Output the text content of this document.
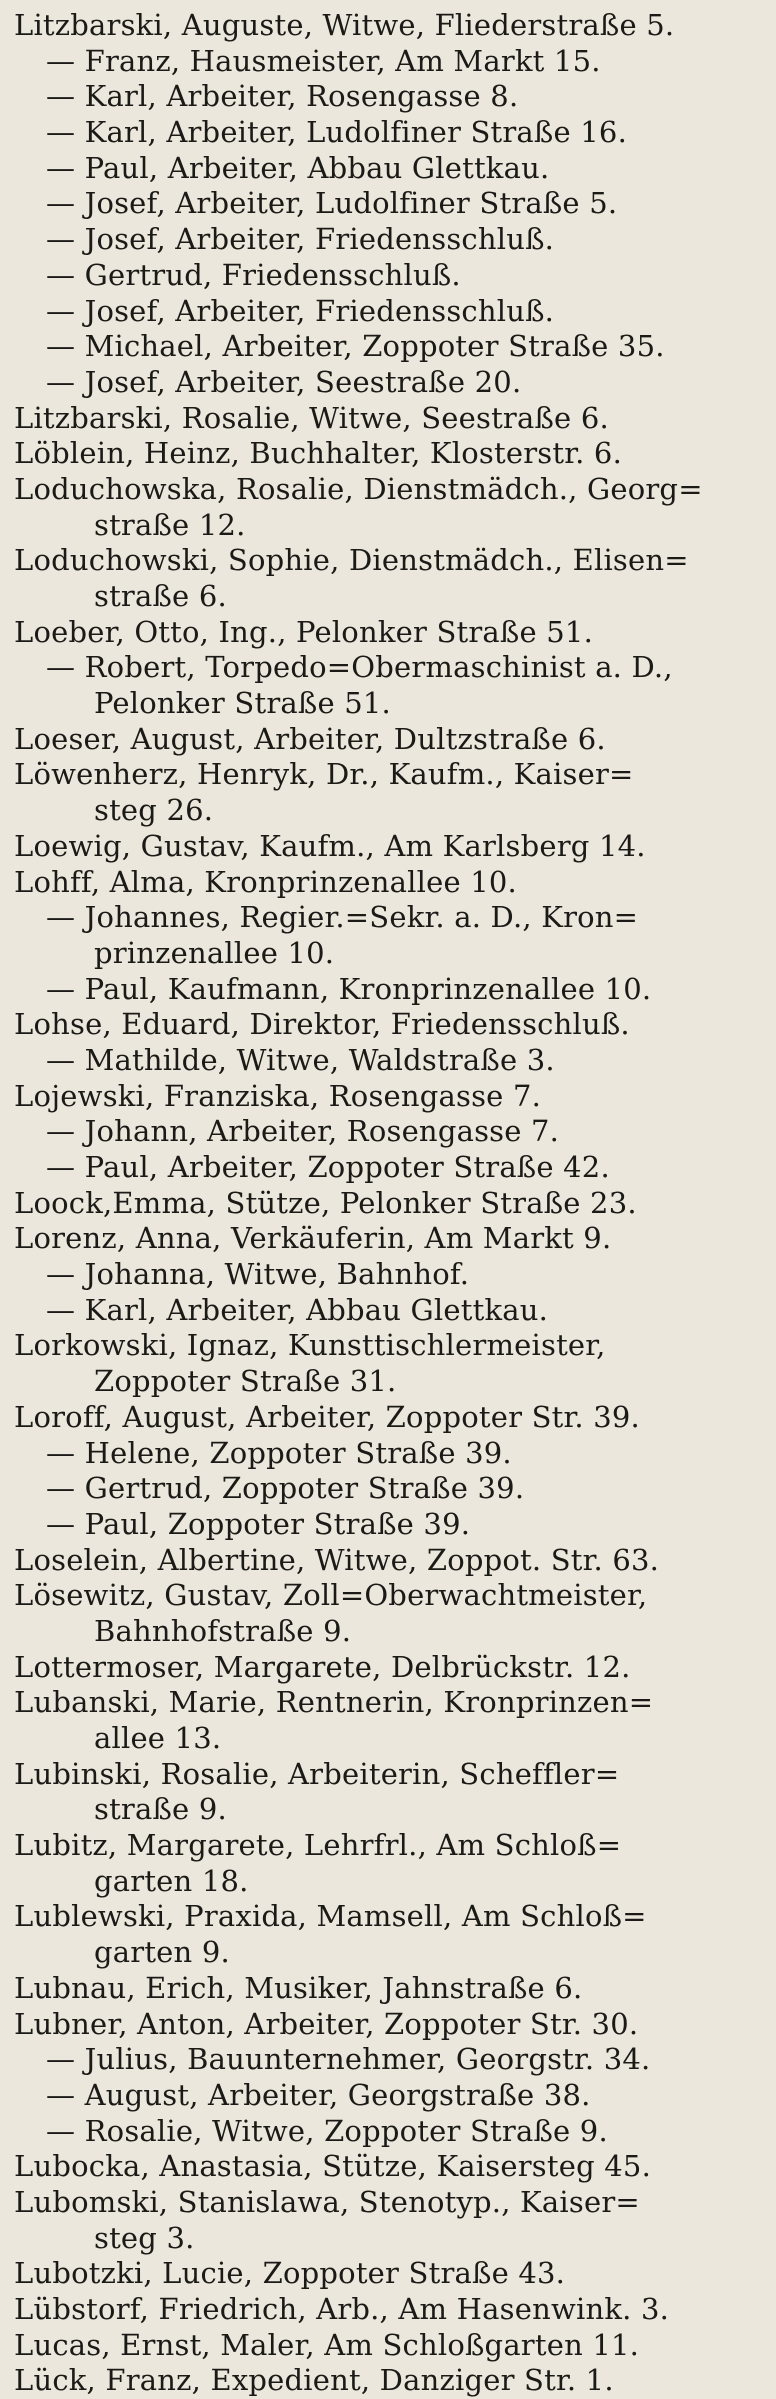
Litzbarski, Auguste, Witwe, Fliederstraße 5.
— Franz, Hausmeister, Am Markt 15.
— Karl, Arbeiter, Rosengasse 8.
— Karl, Arbeiter, Ludolfiner Straße 16.
— Paul, Arbeiter, Abbau Glettkau.
— Josef, Arbeiter, Ludolfiner Straße 5.
— Josef, Arbeiter, Friedensschluß.
— Gertrud, Friedensschluß.
— Josef, Arbeiter, Friedensschluß.
— Michael, Arbeiter, Zoppoter Straße 35.
— Josef, Arbeiter, Seestraße 20.
Litzbarski, Rosalie, Witwe, Seestraße 6.
Löblein, Heinz, Buchhalter, Klosterstr. 6.
Loduchowska, Rosalie, Dienstmädch., Georg=
straße 12.
Loduchowski, Sophie, Dienstmädch., Elisen=
straße 6.
Loeber, Otto, Ing., Pelonker Straße 51.
— Robert, Torpedo=Obermaschinist a. D.,
Pelonker Straße 51.
Loeser, August, Arbeiter, Dultzstraße 6.
Löwenherz, Henryk, Dr., Kaufm., Kaiser=
steg 26.
Loewig, Gustav, Kaufm., Am Karlsberg 14.
Lohff, Alma, Kronprinzenallee 10.
— Johannes, Regier.=Sekr. a. D., Kron=
prinzenallee 10.
— Paul, Kaufmann, Kronprinzenallee 10.
Lohse, Eduard, Direktor, Friedensschluß.
— Mathilde, Witwe, Waldstraße 3.
Lojewski, Franziska, Rosengasse 7.
— Johann, Arbeiter, Rosengasse 7.
— Paul, Arbeiter, Zoppoter Straße 42.
Loock,Emma, Stütze, Pelonker Straße 23.
Lorenz, Anna, Verkäuferin, Am Markt 9.
— Johanna, Witwe, Bahnhof.
— Karl, Arbeiter, Abbau Glettkau.
Lorkowski, Ignaz, Kunsttischlermeister,
Zoppoter Straße 31.
Loroff, August, Arbeiter, Zoppoter Str. 39.
— Helene, Zoppoter Straße 39.
— Gertrud, Zoppoter Straße 39.
— Paul, Zoppoter Straße 39.
Loselein, Albertine, Witwe, Zoppot. Str. 63.
Lösewitz, Gustav, Zoll=Oberwachtmeister,
Bahnhofstraße 9.
Lottermoser, Margarete, Delbrückstr. 12.
Lubanski, Marie, Rentnerin, Kronprinzen=
allee 13.
Lubinski, Rosalie, Arbeiterin, Scheffler=
straße 9.
Lubitz, Margarete, Lehrfrl., Am Schloß=
garten 18.
Lublewski, Praxida, Mamsell, Am Schloß=
garten 9.
Lubnau, Erich, Musiker, Jahnstraße 6.
Lubner, Anton, Arbeiter, Zoppoter Str. 30.
— Julius, Bauunternehmer, Georgstr. 34.
— August, Arbeiter, Georgstraße 38.
— Rosalie, Witwe, Zoppoter Straße 9.
Lubocka, Anastasia, Stütze, Kaisersteg 45.
Lubomski, Stanislawa, Stenotyp., Kaiser=
steg 3.
Lubotzki, Lucie, Zoppoter Straße 43.
Lübstorf, Friedrich, Arb., Am Hasenwink. 3.
Lucas, Ernst, Maler, Am Schloßgarten 11.
Lück, Franz, Expedient, Danziger Str. 1.
